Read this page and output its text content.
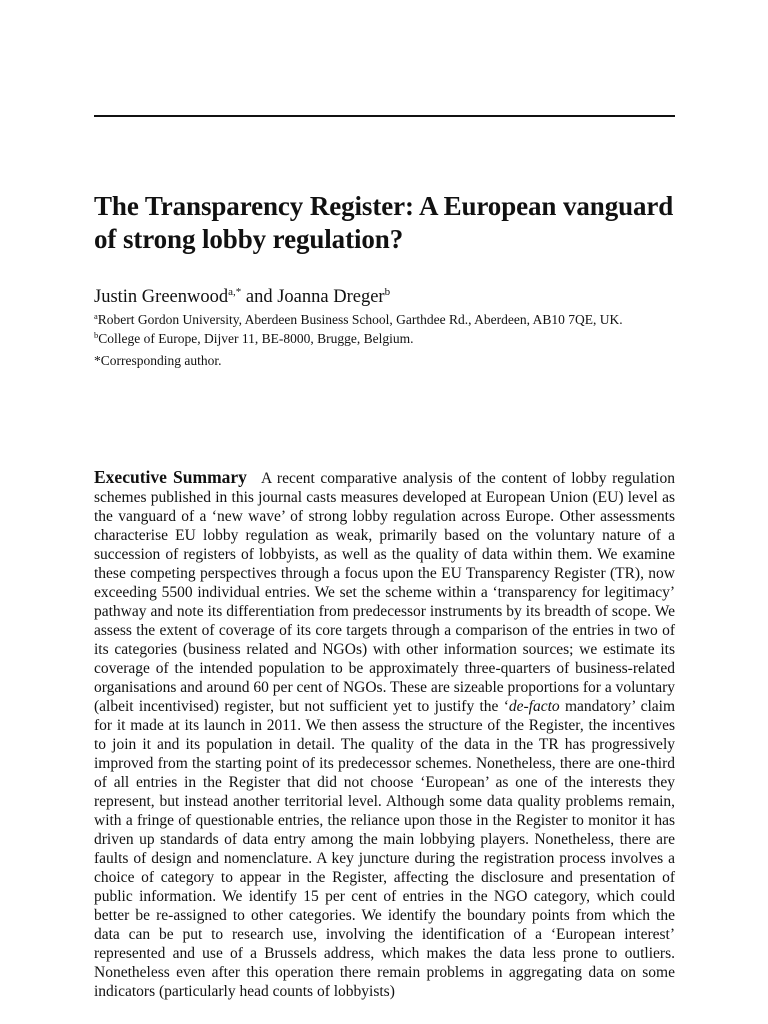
The Transparency Register: A European vanguard of strong lobby regulation?
Justin Greenwood$^{a,*}$ and Joanna Dreger$^b$
$^a$Robert Gordon University, Aberdeen Business School, Garthdee Rd., Aberdeen, AB10 7QE, UK.
$^b$College of Europe, Dijver 11, BE-8000, Brugge, Belgium.
*Corresponding author.

Executive Summary A recent comparative analysis of the content of lobby regulation schemes published in this journal casts measures developed at European Union (EU) level as the vanguard of a ‘new wave’ of strong lobby regulation across Europe. Other assessments characterise EU lobby regulation as weak, primarily based on the voluntary nature of a succession of registers of lobbyists, as well as the quality of data within them. We examine these competing perspectives through a focus upon the EU Transparency Register (TR), now exceeding 5500 individual entries. We set the scheme within a ‘transparency for legitimacy’ pathway and note its differentiation from predecessor instruments by its breadth of scope. We assess the extent of coverage of its core targets through a comparison of the entries in two of its categories (business related and NGOs) with other information sources; we estimate its coverage of the intended population to be approximately three-quarters of business-related organisations and around 60 per cent of NGOs. These are sizeable proportions for a voluntary (albeit incentivised) register, but not sufficient yet to justify the ‘de-facto mandatory’ claim for it made at its launch in 2011. We then assess the structure of the Register, the incentives to join it and its population in detail. The quality of the data in the TR has progressively improved from the starting point of its predecessor schemes. Nonetheless, there are one-third of all entries in the Register that did not choose ‘European’ as one of the interests they represent, but instead another territorial level. Although some data quality problems remain, with a fringe of questionable entries, the reliance upon those in the Register to monitor it has driven up standards of data entry among the main lobbying players. Nonetheless, there are faults of design and nomenclature. A key juncture during the registration process involves a choice of category to appear in the Register, affecting the disclosure and presentation of public information. We identify 15 per cent of entries in the NGO category, which could better be re-assigned to other categories. We identify the boundary points from which the data can be put to research use, involving the identification of a ‘European interest’ represented and use of a Brussels address, which makes the data less prone to outliers. Nonetheless even after this operation there remain problems in aggregating data on some indicators (particularly head counts of lobbyists)
